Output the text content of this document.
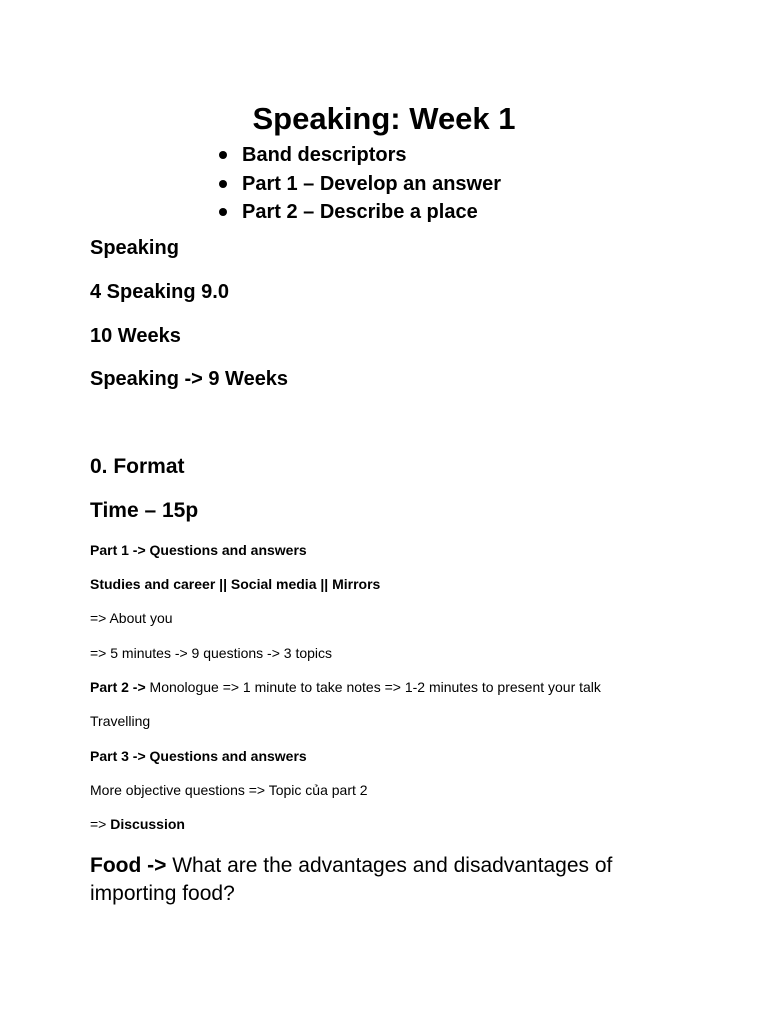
Speaking: Week 1
Band descriptors
Part 1 – Develop an answer
Part 2 – Describe a place
Speaking
4 Speaking 9.0
10 Weeks
Speaking -> 9 Weeks
0. Format
Time – 15p
Part 1 -> Questions and answers
Studies and career || Social media || Mirrors
=> About you
=> 5 minutes -> 9 questions -> 3 topics
Part 2 -> Monologue => 1 minute to take notes => 1-2 minutes to present your talk
Travelling
Part 3 -> Questions and answers
More objective questions => Topic của part 2
=> Discussion
Food -> What are the advantages and disadvantages of importing food?
